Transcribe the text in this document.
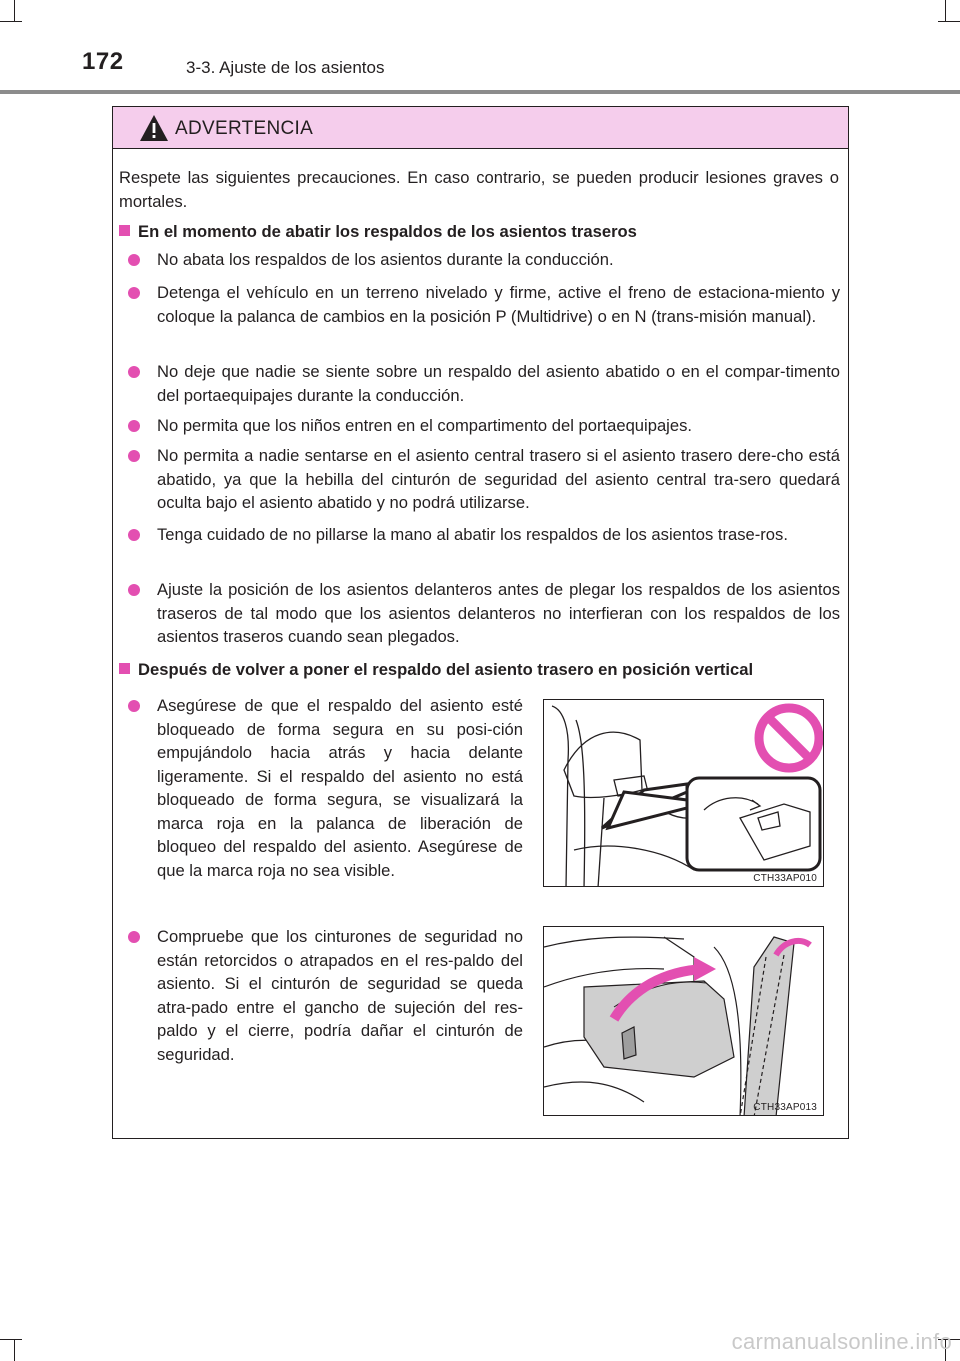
172	3-3. Ajuste de los asientos
ADVERTENCIA
Respete las siguientes precauciones. En caso contrario, se pueden producir lesiones graves o mortales.
En el momento de abatir los respaldos de los asientos traseros
No abata los respaldos de los asientos durante la conducción.
Detenga el vehículo en un terreno nivelado y firme, active el freno de estaciona-miento y coloque la palanca de cambios en la posición P (Multidrive) o en N (trans-misión manual).
No deje que nadie se siente sobre un respaldo del asiento abatido o en el compar-timento del portaequipajes durante la conducción.
No permita que los niños entren en el compartimento del portaequipajes.
No permita a nadie sentarse en el asiento central trasero si el asiento trasero dere-cho está abatido, ya que la hebilla del cinturón de seguridad del asiento central tra-sero quedará oculta bajo el asiento abatido y no podrá utilizarse.
Tenga cuidado de no pillarse la mano al abatir los respaldos de los asientos trase-ros.
Ajuste la posición de los asientos delanteros antes de plegar los respaldos de los asientos traseros de tal modo que los asientos delanteros no interfieran con los respaldos de los asientos traseros cuando sean plegados.
Después de volver a poner el respaldo del asiento trasero en posición vertical
Asegúrese de que el respaldo del asiento esté bloqueado de forma segura en su posi-ción empujándolo hacia atrás y hacia delante ligeramente. Si el respaldo del asiento no está bloqueado de forma segura, se visualizará la marca roja en la palanca de liberación de bloqueo del respaldo del asiento. Asegúrese de que la marca roja no sea visible.
Compruebe que los cinturones de seguridad no están retorcidos o atrapados en el res-paldo del asiento. Si el cinturón de seguridad se queda atra-pado entre el gancho de sujeción del res-paldo y el cierre, podría dañar el cinturón de seguridad.
CTH33AP010
CTH33AP013
carmanualsonline.info
